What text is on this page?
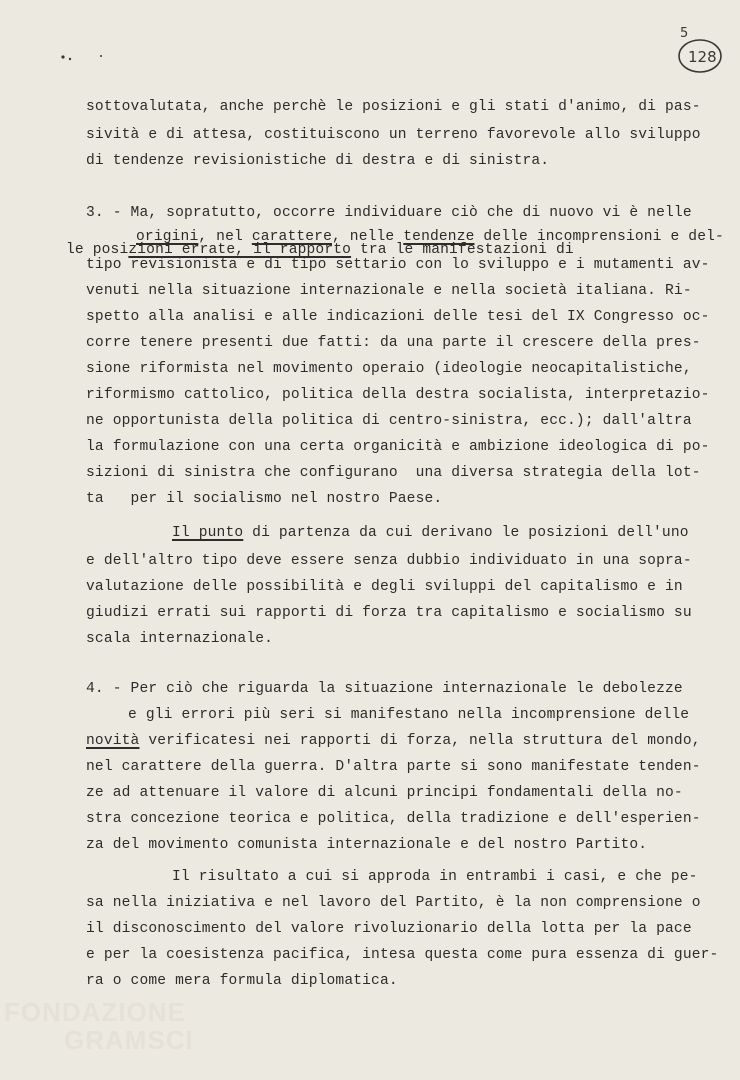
128
5
sottovalutata, anche perchè le posizioni e gli stati d'animo, di pas-
sività e di attesa, costituiscono un terreno favorevole allo sviluppo
di tendenze revisionistiche di destra e di sinistra.
3. - Ma, sopratutto, occorre individuare ciò che di nuovo vi è nelle
origini, nel carattere, nelle tendenze delle incomprensioni e del-
le posizioni errate, il rapporto tra le manifestazioni di
tipo revisionista e di tipo settario con lo sviluppo e i mutamenti av-
venuti nella situazione internazionale e nella società italiana. Ri-
spetto alla analisi e alle indicazioni delle tesi del IX Congresso oc-
corre tenere presenti due fatti: da una parte il crescere della pres-
sione riformista nel movimento operaio (ideologie neocapitalistiche,
riformismo cattolico, politica della destra socialista, interpretazio-
ne opportunista della politica di centro-sinistra, ecc.); dall'altra
la formulazione con una certa organicità e ambizione ideologica di po-
sizioni di sinistra che configurano  una diversa strategia della lot-
ta   per il socialismo nel nostro Paese.
Il punto di partenza da cui derivano le posizioni dell'uno
e dell'altro tipo deve essere senza dubbio individuato in una sopra-
valutazione delle possibilità e degli sviluppi del capitalismo e in
giudizi errati sui rapporti di forza tra capitalismo e socialismo su
scala internazionale.
4. - Per ciò che riguarda la situazione internazionale le debolezze
e gli errori più seri si manifestano nella incomprensione delle
novità verificatesi nei rapporti di forza, nella struttura del mondo,
nel carattere della guerra. D'altra parte si sono manifestate tenden-
ze ad attenuare il valore di alcuni principi fondamentali della no-
stra concezione teorica e politica, della tradizione e dell'esperien-
za del movimento comunista internazionale e del nostro Partito.
Il risultato a cui si approda in entrambi i casi, e che pe-
sa nella iniziativa e nel lavoro del Partito, è la non comprensione o
il disconoscimento del valore rivoluzionario della lotta per la pace
e per la coesistenza pacifica, intesa questa come pura essenza di guer-
ra o come mera formula diplomatica.
FONDAZIONE
GRAMSCI
